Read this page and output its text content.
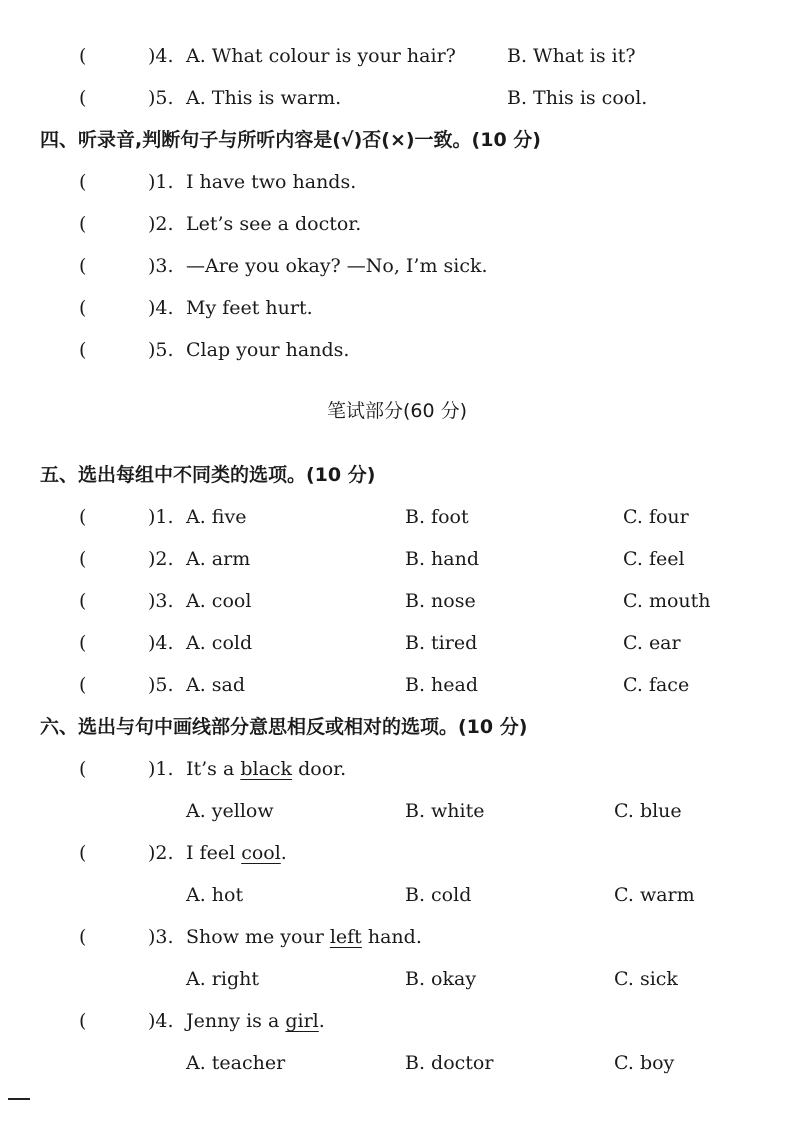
(	)4. A. What colour is your hair?	B. What is it?
(	)5. A. This is warm.	B. This is cool.
四、听录音,判断句子与所听内容是(√)否(×)一致。(10 分)
(	)1. I have two hands.
(	)2. Let’s see a doctor.
(	)3. —Are you okay? —No, I’m sick.
(	)4. My feet hurt.
(	)5. Clap your hands.
笔试部分(60 分)
五、选出每组中不同类的选项。(10 分)
(	)1. A. five	B. foot	C. four
(	)2. A. arm	B. hand	C. feel
(	)3. A. cool	B. nose	C. mouth
(	)4. A. cold	B. tired	C. ear
(	)5. A. sad	B. head	C. face
六、选出与句中画线部分意思相反或相对的选项。(10 分)
(	)1. It’s a black door.
A. yellow	B. white	C. blue
(	)2. I feel cool.
A. hot	B. cold	C. warm
(	)3. Show me your left hand.
A. right	B. okay	C. sick
(	)4. Jenny is a girl.
A. teacher	B. doctor	C. boy
